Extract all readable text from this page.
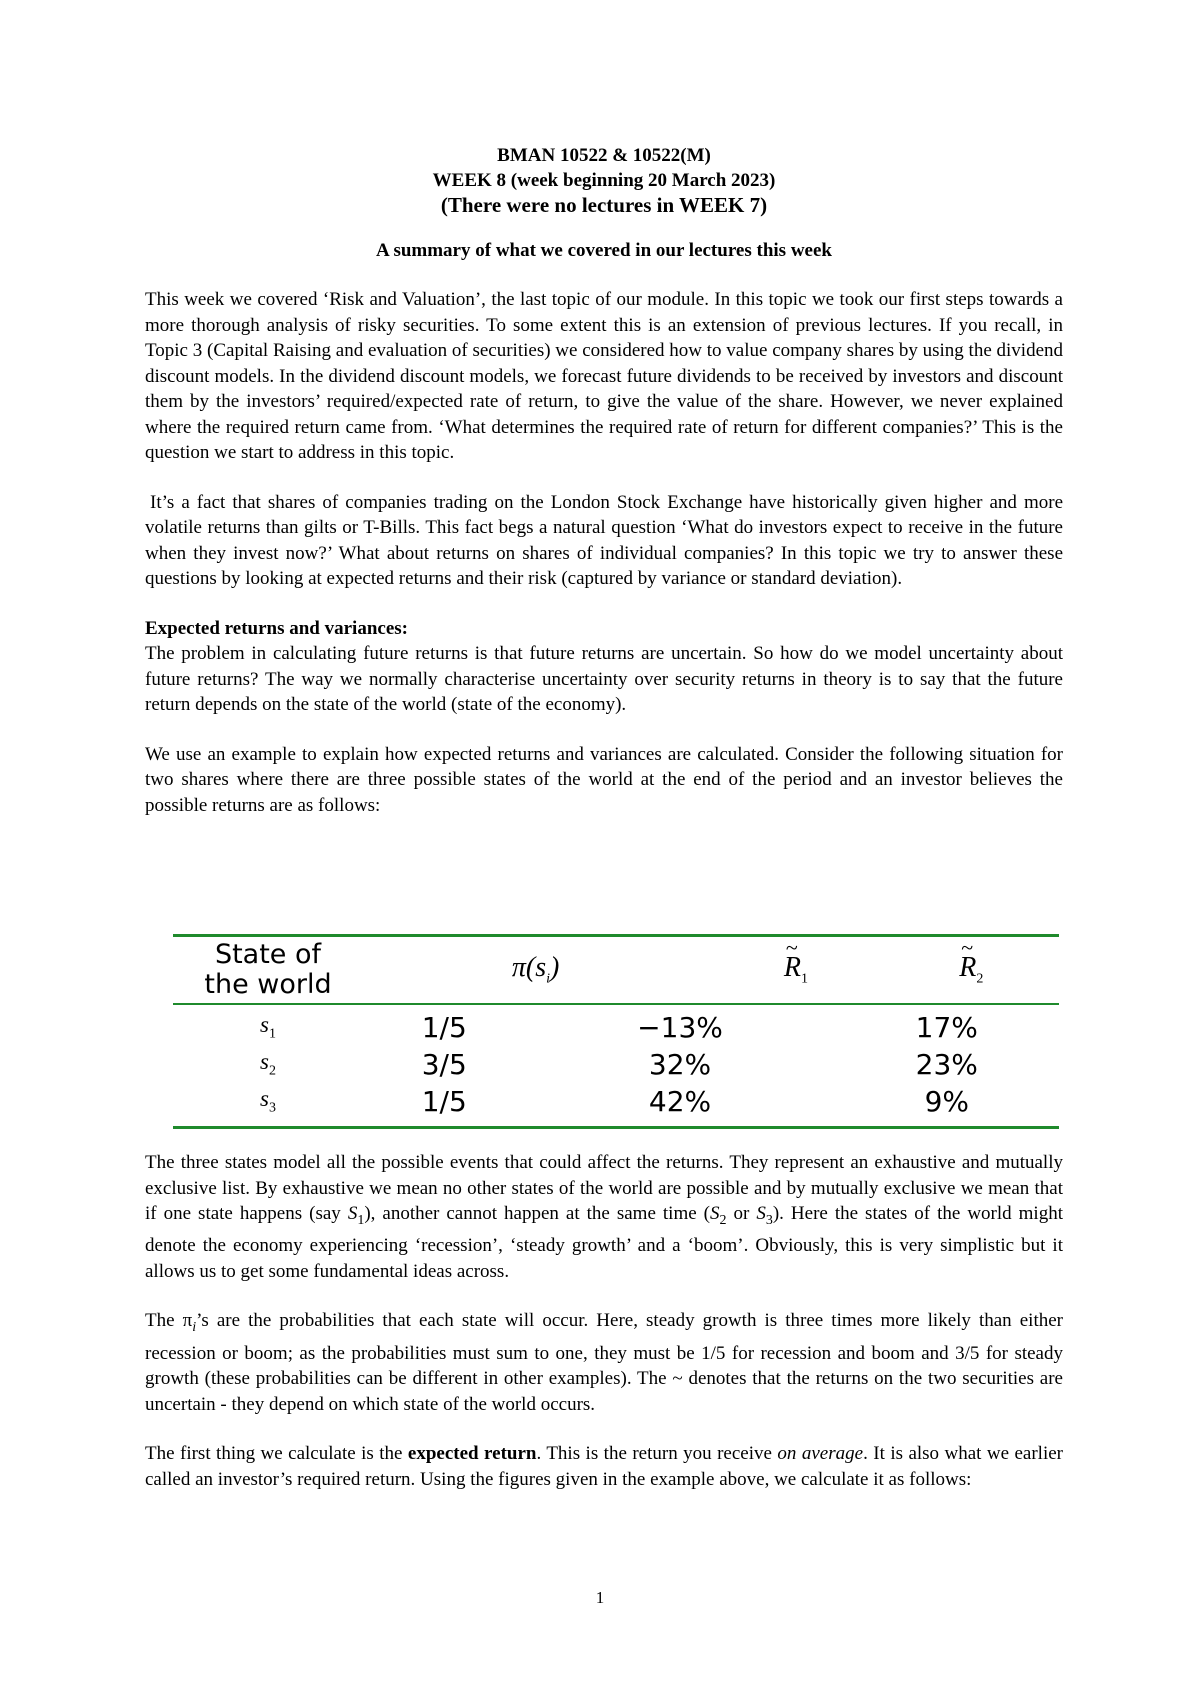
BMAN 10522 & 10522(M)
WEEK 8 (week beginning 20 March 2023)
(There were no lectures in WEEK 7)
A summary of what we covered in our lectures this week

This week we covered ‘Risk and Valuation’, the last topic of our module. In this topic we took our first steps towards a more thorough analysis of risky securities. To some extent this is an extension of previous lectures. If you recall, in Topic 3 (Capital Raising and evaluation of securities) we considered how to value company shares by using the dividend discount models. In the dividend discount models, we forecast future dividends to be received by investors and discount them by the investors’ required/expected rate of return, to give the value of the share. However, we never explained where the required return came from. ‘What determines the required rate of return for different companies?’ This is the question we start to address in this topic.

It’s a fact that shares of companies trading on the London Stock Exchange have historically given higher and more volatile returns than gilts or T-Bills. This fact begs a natural question ‘What do investors expect to receive in the future when they invest now?’ What about returns on shares of individual companies? In this topic we try to answer these questions by looking at expected returns and their risk (captured by variance or standard deviation).

Expected returns and variances:

The problem in calculating future returns is that future returns are uncertain. So how do we model uncertainty about future returns? The way we normally characterise uncertainty over security returns in theory is to say that the future return depends on the state of the world (state of the economy).

We use an example to explain how expected returns and variances are calculated. Consider the following situation for two shares where there are three possible states of the world at the end of the period and an investor believes the possible returns are as follows:

State of
the world
	$\pi(s_i)$	$\sim R_1$	$\sim R_2$
$s_1$	1/5	−13%	17%
$s_2$	3/5	32%	23%
$s_3$	1/5	42%	9%

The three states model all the possible events that could affect the returns. They represent an exhaustive and mutually exclusive list. By exhaustive we mean no other states of the world are possible and by mutually exclusive we mean that if one state happens (say $S_1$), another cannot happen at the same time ($S_2$ or $S_3$). Here the states of the world might denote the economy experiencing ‘recession’, ‘steady growth’ and a ‘boom’. Obviously, this is very simplistic but it allows us to get some fundamental ideas across.

The $\pi_i’s$ are the probabilities that each state will occur. Here, steady growth is three times more likely than either recession or boom; as the probabilities must sum to one, they must be 1/5 for recession and boom and 3/5 for steady growth (these probabilities can be different in other examples). The ~ denotes that the returns on the two securities are uncertain - they depend on which state of the world occurs.

The first thing we calculate is the expected return. This is the return you receive on average. It is also what we earlier called an investor’s required return. Using the figures given in the example above, we calculate it as follows:

1
